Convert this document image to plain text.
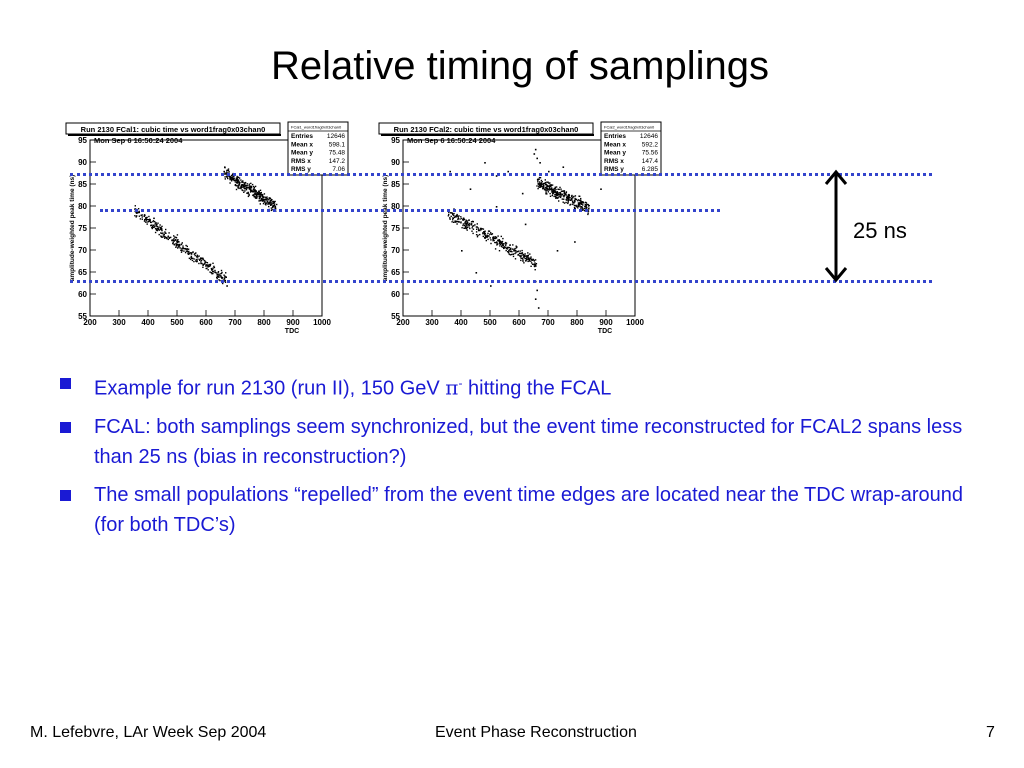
Relative timing of samplings
Run 2130 FCal1: cubic time vs word1frag0x03chan0
Mon Sep 6 16:50:24 2004
55
60
65
70
75
80
85
90
95
200 300 400 500 600 700 800 900 1000
TDC
amplitude-weighted peak time (ns)
FCal1_word1frag0x03chan0
Entries 12646
Mean x 598.1
Mean y 75.48
RMS x	147.2
RMS y	7.06
Run 2130 FCal2: cubic time vs word1frag0x03chan0
Mon Sep 6 16:50:24 2004
55
60
65
70
75
80
85
90
95
200 300 400 500 600 700 800 900 1000
TDC
amplitude-weighted peak time (ns)
FCal2_word1frag0x03chan0
Entries 12646
Mean x 592.2
Mean y 75.56
RMS x	147.4
RMS y	6.285
25 ns
Example for run 2130 (run II), 150 GeV π- hitting the FCAL
FCAL: both samplings seem synchronized, but the event time reconstructed for FCAL2 spans less than 25 ns (bias in reconstruction?)
The small populations “repelled” from the event time edges are located near the TDC wrap-around (for both TDC’s)
M. Lefebvre, LAr Week Sep 2004	Event Phase Reconstruction	7
